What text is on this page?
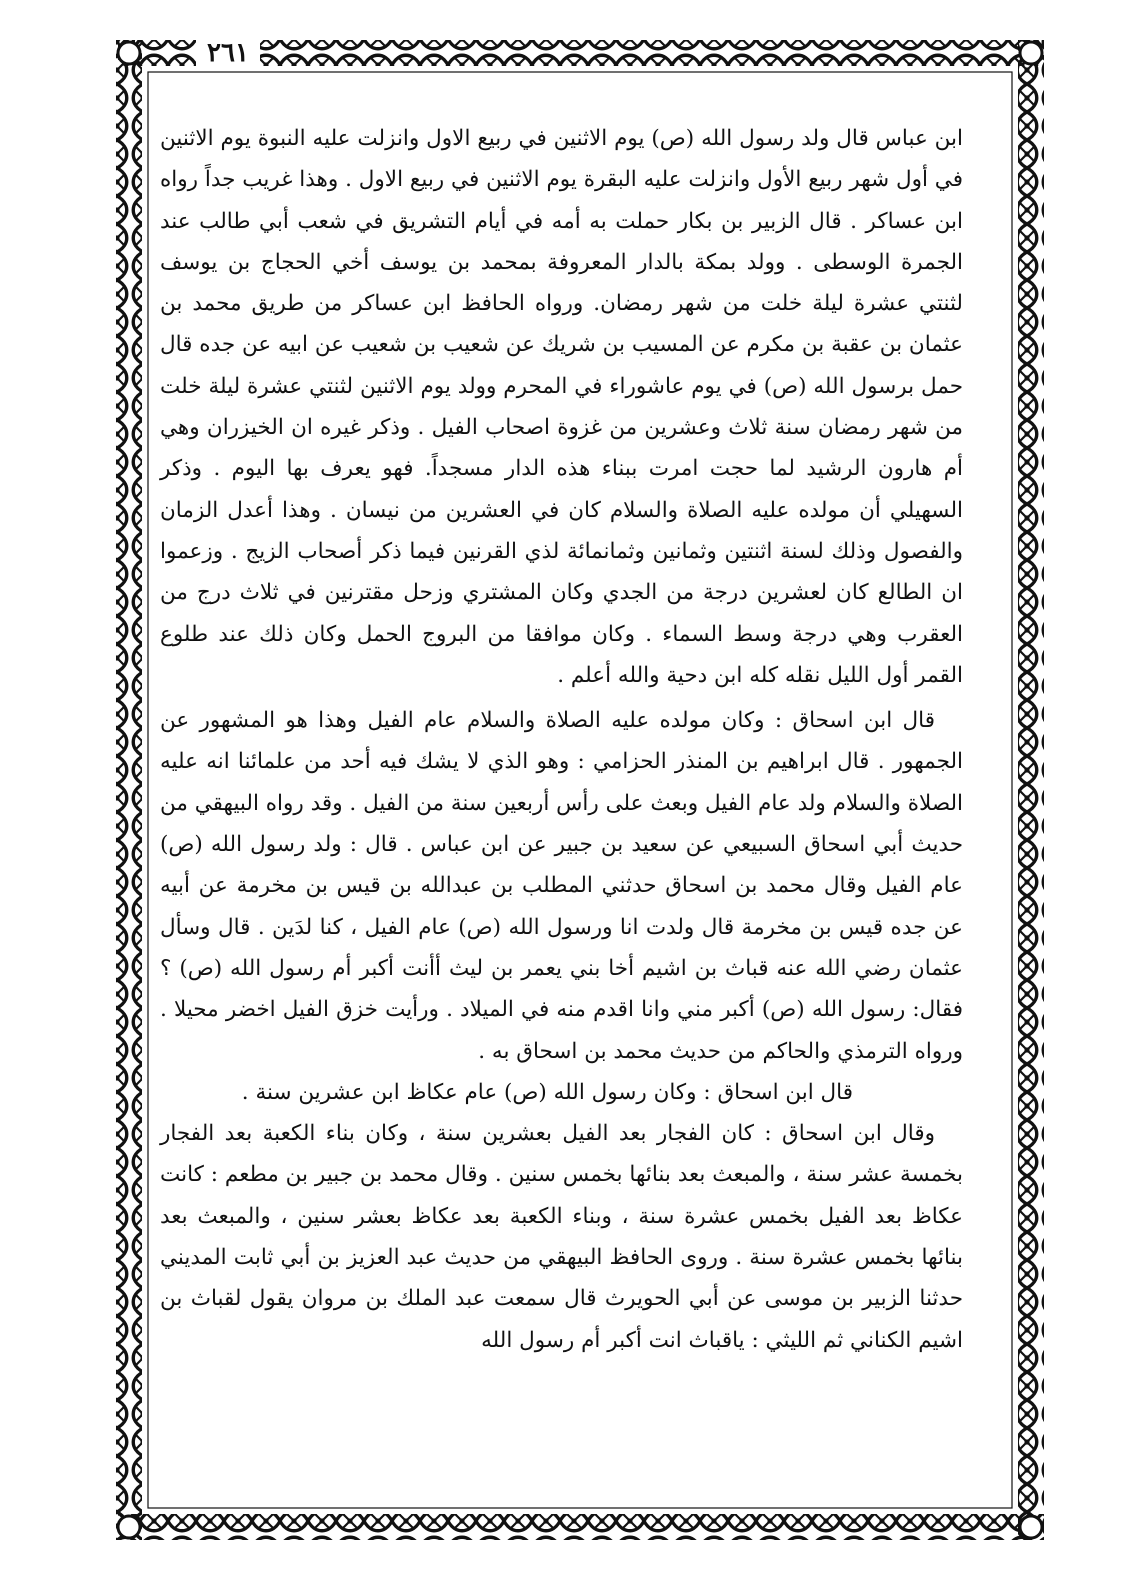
٢٦١

ابن عباس قال ولد رسول الله (ص) يوم الاثنين في ربيع الاول وانزلت عليه النبوة يوم الاثنين في أول شهر ربيع الأول وانزلت عليه البقرة يوم الاثنين في ربيع الاول . وهذا غريب جداً رواه ابن عساكر . قال الزبير بن بكار حملت به أمه في أيام التشريق في شعب أبي طالب عند الجمرة الوسطى . وولد بمكة بالدار المعروفة بمحمد بن يوسف أخي الحجاج بن يوسف لثنتي عشرة ليلة خلت من شهر رمضان. ورواه الحافظ ابن عساكر من طريق محمد بن عثمان بن عقبة بن مكرم عن المسيب بن شريك عن شعيب بن شعيب عن ابيه عن جده قال حمل برسول الله (ص) في يوم عاشوراء في المحرم وولد يوم الاثنين لثنتي عشرة ليلة خلت من شهر رمضان سنة ثلاث وعشرين من غزوة اصحاب الفيل . وذكر غيره ان الخيزران وهي أم هارون الرشيد لما حجت امرت ببناء هذه الدار مسجداً. فهو يعرف بها اليوم . وذكر السهيلي أن مولده عليه الصلاة والسلام كان في العشرين من نيسان . وهذا أعدل الزمان والفصول وذلك لسنة اثنتين وثمانين وثمانمائة لذي القرنين فيما ذكر أصحاب الزيج . وزعموا ان الطالع كان لعشرين درجة من الجدي وكان المشتري وزحل مقترنين في ثلاث درج من العقرب وهي درجة وسط السماء . وكان موافقا من البروج الحمل وكان ذلك عند طلوع القمر أول الليل نقله كله ابن دحية والله أعلم .

قال ابن اسحاق : وكان مولده عليه الصلاة والسلام عام الفيل وهذا هو المشهور عن الجمهور . قال ابراهيم بن المنذر الحزامي : وهو الذي لا يشك فيه أحد من علمائنا انه عليه الصلاة والسلام ولد عام الفيل وبعث على رأس أربعين سنة من الفيل . وقد رواه البيهقي من حديث أبي اسحاق السبيعي عن سعيد بن جبير عن ابن عباس . قال : ولد رسول الله (ص) عام الفيل وقال محمد بن اسحاق حدثني المطلب بن عبدالله بن قيس بن مخرمة عن أبيه عن جده قيس بن مخرمة قال ولدت انا ورسول الله (ص) عام الفيل ، كنا لدَين . قال وسأل عثمان رضي الله عنه قباث بن اشيم أخا بني يعمر بن ليث أأنت أكبر أم رسول الله (ص) ؟ فقال: رسول الله (ص) أكبر مني وانا اقدم منه في الميلاد . ورأيت خزق الفيل اخضر محيلا . ورواه الترمذي والحاكم من حديث محمد بن اسحاق به .

قال ابن اسحاق : وكان رسول الله (ص) عام عكاظ ابن عشرين سنة .

وقال ابن اسحاق : كان الفجار بعد الفيل بعشرين سنة ، وكان بناء الكعبة بعد الفجار بخمسة عشر سنة ، والمبعث بعد بنائها بخمس سنين . وقال محمد بن جبير بن مطعم : كانت عكاظ بعد الفيل بخمس عشرة سنة ، وبناء الكعبة بعد عكاظ بعشر سنين ، والمبعث بعد بنائها بخمس عشرة سنة . وروى الحافظ البيهقي من حديث عبد العزيز بن أبي ثابت المديني حدثنا الزبير بن موسى عن أبي الحويرث قال سمعت عبد الملك بن مروان يقول لقباث بن اشيم الكناني ثم الليثي : ياقباث انت أكبر أم رسول الله
